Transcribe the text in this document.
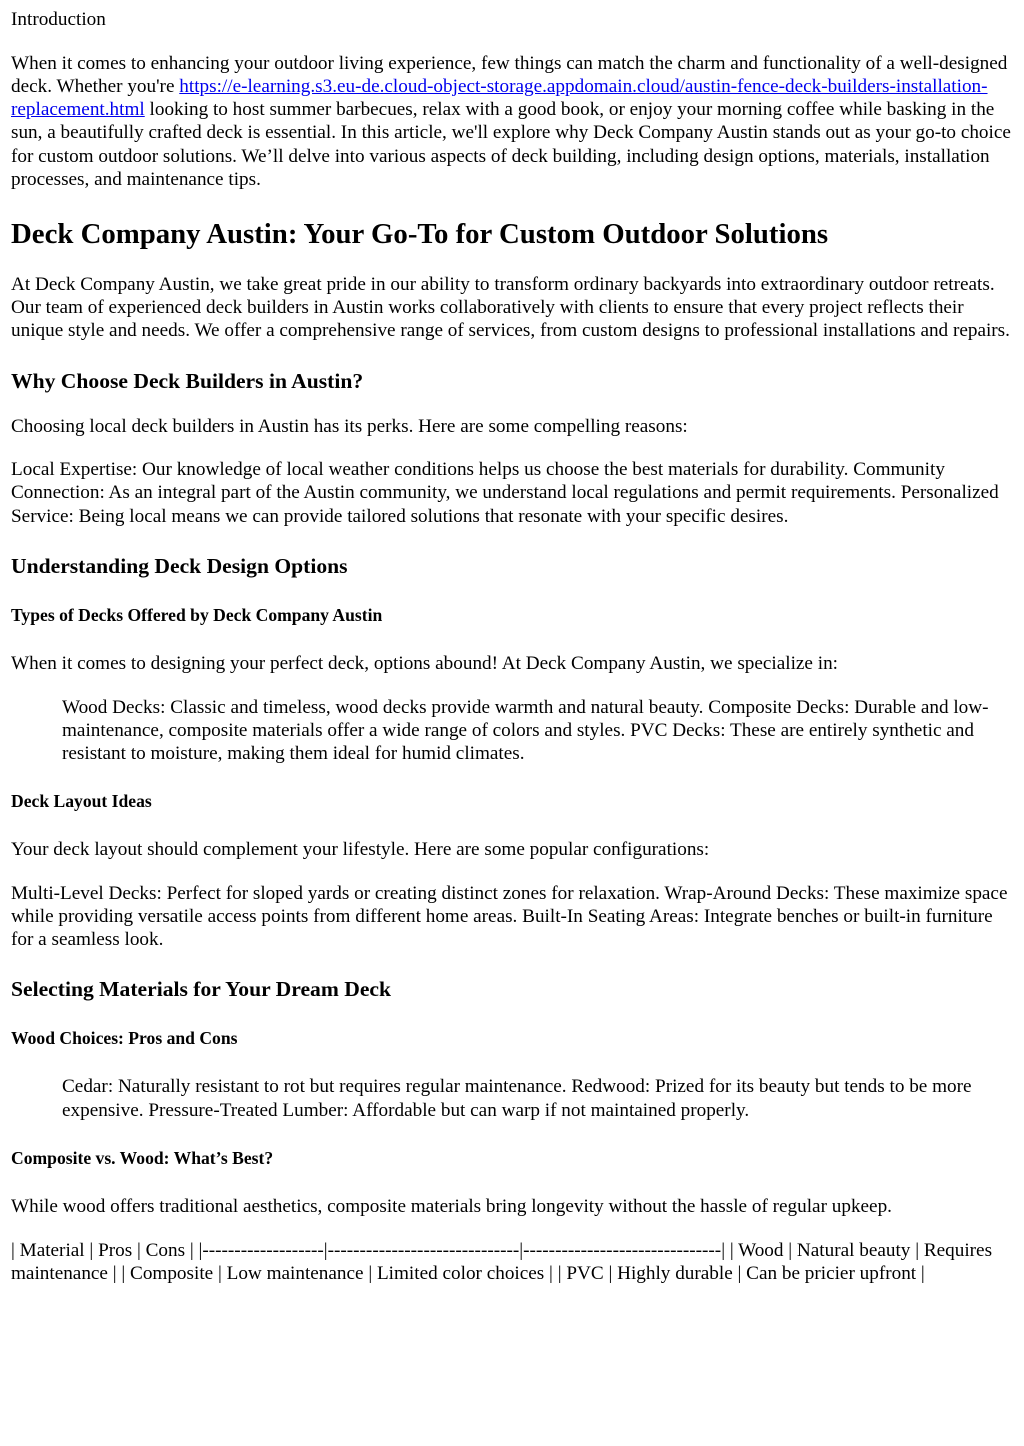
Introduction

When it comes to enhancing your outdoor living experience, few things can match the charm and functionality of a well-designed deck. Whether you're https://e-learning.s3.eu-de.cloud-object-storage.appdomain.cloud/austin-fence-deck-builders-installation-replacement.html looking to host summer barbecues, relax with a good book, or enjoy your morning coffee while basking in the sun, a beautifully crafted deck is essential. In this article, we'll explore why Deck Company Austin stands out as your go-to choice for custom outdoor solutions. We’ll delve into various aspects of deck building, including design options, materials, installation processes, and maintenance tips.

Deck Company Austin: Your Go-To for Custom Outdoor Solutions

At Deck Company Austin, we take great pride in our ability to transform ordinary backyards into extraordinary outdoor retreats. Our team of experienced deck builders in Austin works collaboratively with clients to ensure that every project reflects their unique style and needs. We offer a comprehensive range of services, from custom designs to professional installations and repairs.

Why Choose Deck Builders in Austin?

Choosing local deck builders in Austin has its perks. Here are some compelling reasons:

Local Expertise: Our knowledge of local weather conditions helps us choose the best materials for durability. Community Connection: As an integral part of the Austin community, we understand local regulations and permit requirements. Personalized Service: Being local means we can provide tailored solutions that resonate with your specific desires.

Understanding Deck Design Options
Types of Decks Offered by Deck Company Austin

When it comes to designing your perfect deck, options abound! At Deck Company Austin, we specialize in:

Wood Decks: Classic and timeless, wood decks provide warmth and natural beauty. Composite Decks: Durable and low-maintenance, composite materials offer a wide range of colors and styles. PVC Decks: These are entirely synthetic and resistant to moisture, making them ideal for humid climates.
Deck Layout Ideas

Your deck layout should complement your lifestyle. Here are some popular configurations:

Multi-Level Decks: Perfect for sloped yards or creating distinct zones for relaxation. Wrap-Around Decks: These maximize space while providing versatile access points from different home areas. Built-In Seating Areas: Integrate benches or built-in furniture for a seamless look.

Selecting Materials for Your Dream Deck
Wood Choices: Pros and Cons
Cedar: Naturally resistant to rot but requires regular maintenance. Redwood: Prized for its beauty but tends to be more expensive. Pressure-Treated Lumber: Affordable but can warp if not maintained properly.
Composite vs. Wood: What’s Best?

While wood offers traditional aesthetics, composite materials bring longevity without the hassle of regular upkeep.

| Material | Pros | Cons | |-------------------|------------------------------|-------------------------------| | Wood | Natural beauty | Requires maintenance | | Composite | Low maintenance | Limited color choices | | PVC | Highly durable | Can be pricier upfront |
